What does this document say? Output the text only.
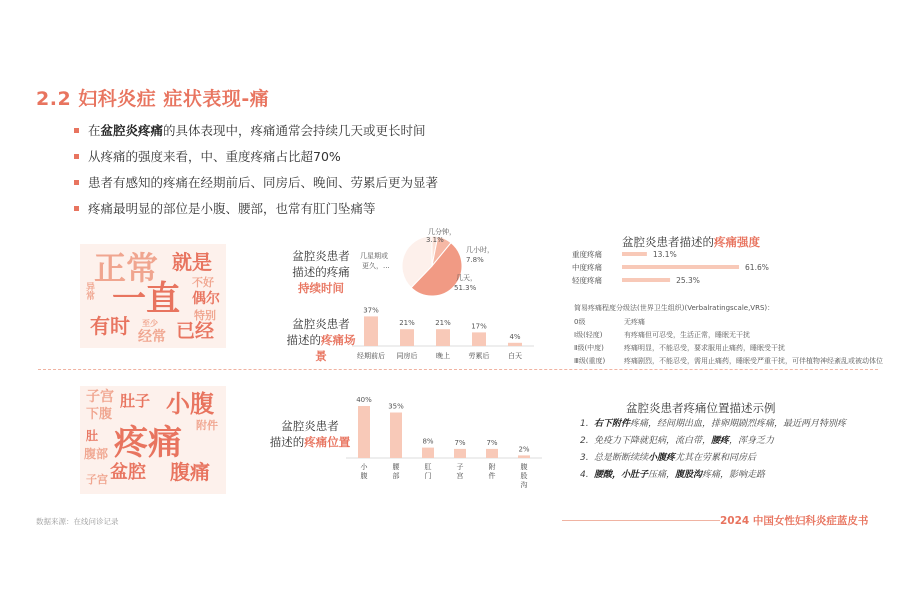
2.2 妇科炎症 症状表现-痛
在盆腔炎疼痛的具体表现中，疼痛通常会持续几天或更长时间
从疼痛的强度来看，中、重度疼痛占比超70%
患者有感知的疼痛在经期前后、同房后、晚间、劳累后更为显著
疼痛最明显的部位是小腹、腰部，也常有肛门坠痛等
异常
正常 就是
不好
一直 偶尔
特别
有时 至少 已经
经常
子宫 肚子 小腹
下腹
疼痛 附件
肚
腹部
盆腔 腹痛
子宫
盆腔炎患者
描述的疼痛
持续时间
几分钟，
3.1%
几小时，
7.8%
几天，
51.3%
几星期或
更久，...
盆腔炎患者
描述的疼痛场景
37%
经期前后
21%
同房后
21%
晚上
17%
劳累后
4%
白天
盆腔炎患者描述的疼痛强度
重度疼痛	13.1%
中度疼痛	61.6%
轻度疼痛	25.3%
简易疼痛程度分级法(世界卫生组织)(Verbalratingscale,VRS)：
0级	无疼痛
I级(轻度)	有疼痛但可忍受，生活正常，睡眠无干扰
Ⅱ级(中度)	疼痛明显，不能忍受，要求服用止痛药，睡眠受干扰
Ⅲ级(重度)	疼痛剧烈，不能忍受，需用止痛药，睡眠受严重干扰，可伴植物神经紊乱或被动体位
盆腔炎患者
描述的疼痛位置
40%
小
腹
35%
腰
部
8%
肛
门
7%
子
宫
7%
附
件
2%
腹
股
沟
盆腔炎患者疼痛位置描述示例
1. 右下附件疼痛，经间期出血，排卵期剧烈疼痛，最近两月特别疼
2. 免疫力下降就犯病，流白带，腰疼，浑身乏力
3. 总是断断续续小腹疼尤其在劳累和同房后
4. 腰酸，小肚子压痛，腹股沟疼痛，影响走路
数据来源：在线问诊记录	2024 中国女性妇科炎症蓝皮书
